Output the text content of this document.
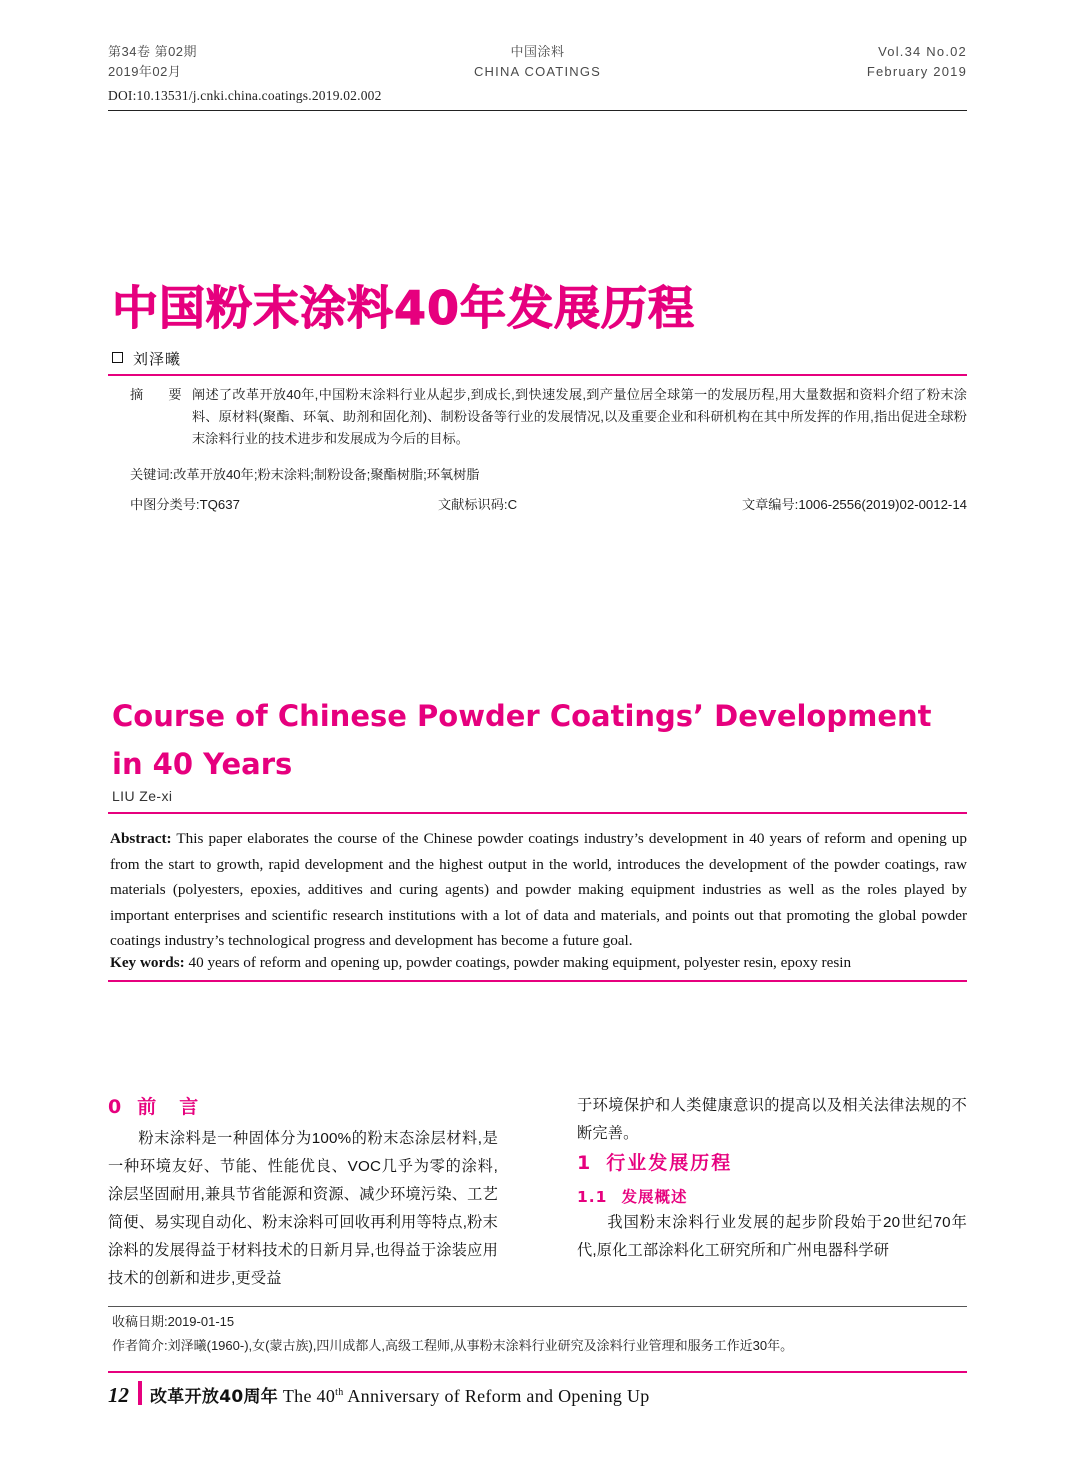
第34卷 第02期
2019年02月
中国涂料
CHINA COATINGS
Vol.34 No.02
February 2019
DOI:10.13531/j.cnki.china.coatings.2019.02.002
中国粉末涂料40年发展历程
刘泽曦
摘　要 阐述了改革开放40年,中国粉末涂料行业从起步,到成长,到快速发展,到产量位居全球第一的发展历程,用大量数据和资料介绍了粉末涂料、原材料(聚酯、环氧、助剂和固化剂)、制粉设备等行业的发展情况,以及重要企业和科研机构在其中所发挥的作用,指出促进全球粉末涂料行业的技术进步和发展成为今后的目标。
关键词:改革开放40年;粉末涂料;制粉设备;聚酯树脂;环氧树脂
中图分类号:TQ637	文献标识码:C	文章编号:1006-2556(2019)02-0012-14
Course of Chinese Powder Coatings’ Development in 40 Years
LIU Ze-xi
Abstract: This paper elaborates the course of the Chinese powder coatings industry’s development in 40 years of reform and opening up from the start to growth, rapid development and the highest output in the world, introduces the development of the powder coatings, raw materials (polyesters, epoxies, additives and curing agents) and powder making equipment industries as well as the roles played by important enterprises and scientific research institutions with a lot of data and materials, and points out that promoting the global powder coatings industry’s technological progress and development has become a future goal.
Key words: 40 years of reform and opening up, powder coatings, powder making equipment, polyester resin, epoxy resin
0 前　言

粉末涂料是一种固体分为100%的粉末态涂层材料,是一种环境友好、节能、性能优良、VOC几乎为零的涂料,涂层坚固耐用,兼具节省能源和资源、减少环境污染、工艺简便、易实现自动化、粉末涂料可回收再利用等特点,粉末涂料的发展得益于材料技术的日新月异,也得益于涂装应用技术的创新和进步,更受益

于环境保护和人类健康意识的提高以及相关法律法规的不断完善。

1 行业发展历程
1.1 发展概述

我国粉末涂料行业发展的起步阶段始于20世纪70年代,原化工部涂料化工研究所和广州电器科学研

收稿日期:2019-01-15
作者简介:刘泽曦(1960-),女(蒙古族),四川成都人,高级工程师,从事粉末涂料行业研究及涂料行业管理和服务工作近30年。
12 改革开放40周年 The 40th Anniversary of Reform and Opening Up
